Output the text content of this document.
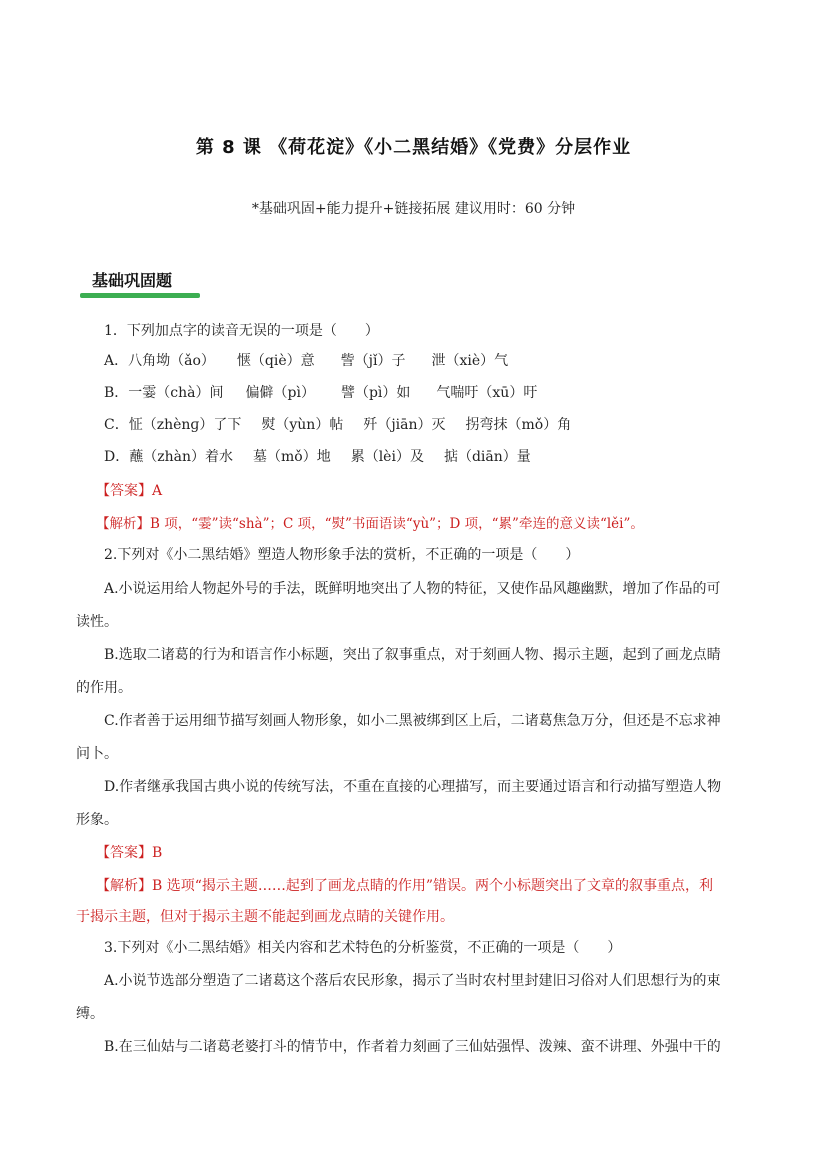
第 8 课 《荷花淀》《小二黑结婚》《党费》分层作业
*基础巩固+能力提升+链接拓展 建议用时：60 分钟
基础巩固题
1．下列加点字的读音无误的一项是（　　）
A．八角坳（ǎo） 惬（qiè）意 訾（jǐ）子 泄（xiè）气
B．一霎（chà）间 偏僻（pì） 譬（pì）如 气喘吁（xū）吁
C．怔（zhènɡ）了下 熨（yùn）帖 歼（jiān）灭 拐弯抹（mǒ）角
D．蘸（zhàn）着水 墓（mǒ）地 累（lèi）及 掂（diān）量
【答案】A
【解析】B 项，“霎”读“shà”；C 项，“熨”书面语读“yù”；D 项，“累”牵连的意义读“lěi”。
2.下列对《小二黑结婚》塑造人物形象手法的赏析，不正确的一项是（　　）
A.小说运用给人物起外号的手法，既鲜明地突出了人物的特征，又使作品风趣幽默，增加了作品的可
读性。
B.选取二诸葛的行为和语言作小标题，突出了叙事重点，对于刻画人物、揭示主题，起到了画龙点睛
的作用。
C.作者善于运用细节描写刻画人物形象，如小二黑被绑到区上后，二诸葛焦急万分，但还是不忘求神
问卜。
D.作者继承我国古典小说的传统写法，不重在直接的心理描写，而主要通过语言和行动描写塑造人物
形象。
【答案】B
【解析】B 选项“揭示主题……起到了画龙点睛的作用”错误。两个小标题突出了文章的叙事重点，利
于揭示主题，但对于揭示主题不能起到画龙点睛的关键作用。
3.下列对《小二黑结婚》相关内容和艺术特色的分析鉴赏，不正确的一项是（　　）
A.小说节选部分塑造了二诸葛这个落后农民形象，揭示了当时农村里封建旧习俗对人们思想行为的束
缚。
B.在三仙姑与二诸葛老婆打斗的情节中，作者着力刻画了三仙姑强悍、泼辣、蛮不讲理、外强中干的
